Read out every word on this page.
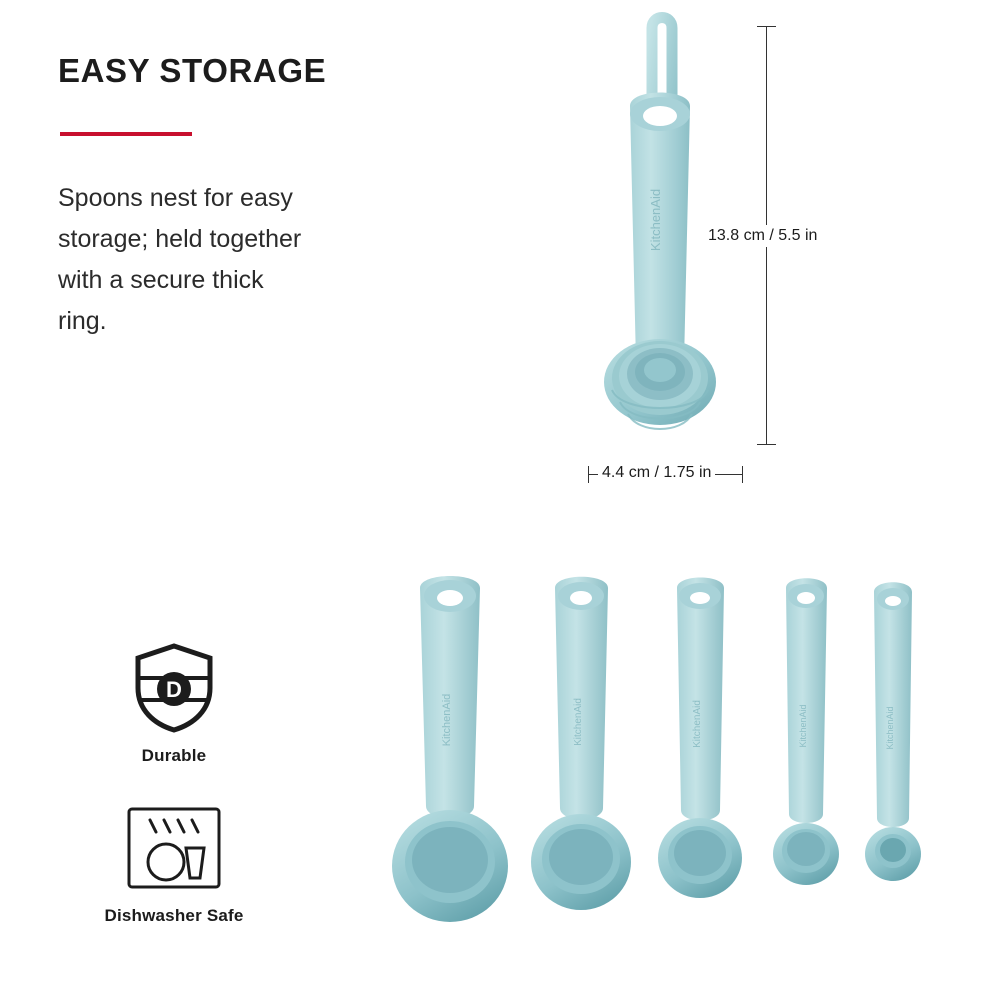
EASY STORAGE
Spoons nest for easy storage; held together with a secure thick ring.
D
Durable
Dishwasher Safe
KitchenAid	13.8 cm / 5.5 in
4.4 cm / 1.75 in
KitchenAid	KitchenAid	KitchenAid	KitchenAid	KitchenAid
